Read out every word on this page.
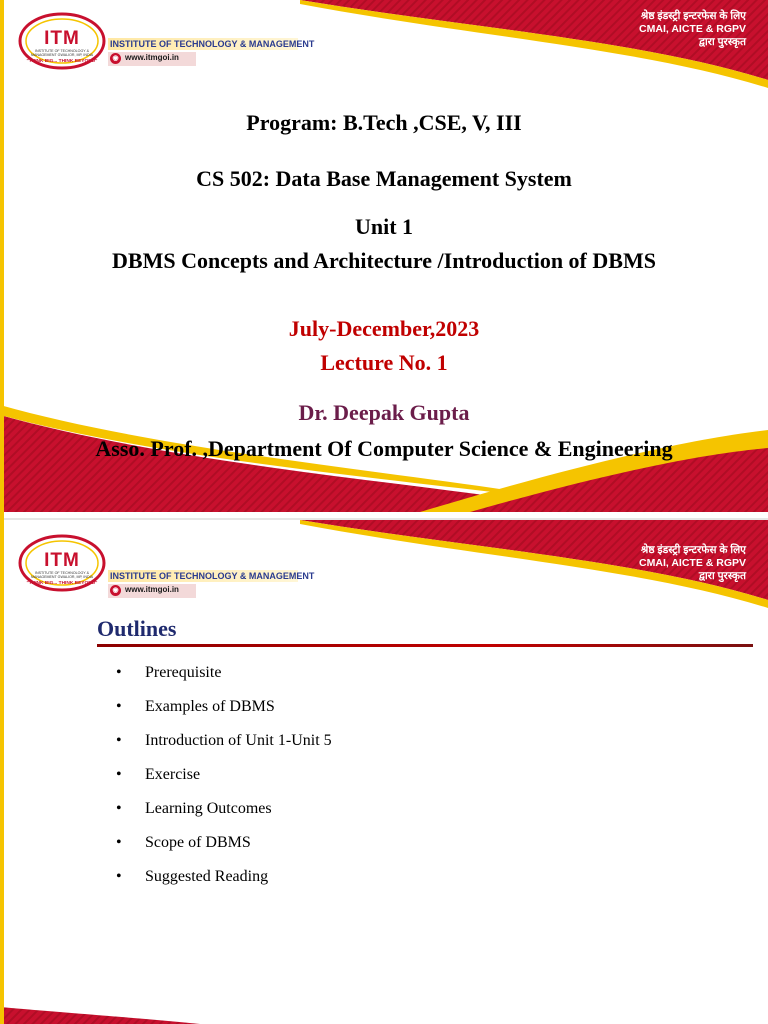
ITM
INSTITUTE OF TECHNOLOGY & MANAGEMENT GWALIOR, MP, INDIA
"THINK BIG... THINK BEYOND"
INSTITUTE OF TECHNOLOGY & MANAGEMENT
◉ www.itmgoi.in
श्रेष्ठ इंडस्ट्री इन्टरफेस के लिए
CMAI, AICTE & RGPV
द्वारा पुरस्कृत
Program: B.Tech ,CSE, V, III
CS 502: Data Base Management System
Unit 1
DBMS Concepts and Architecture /Introduction of DBMS
July-December,2023
Lecture No. 1
Dr. Deepak Gupta
Asso. Prof. ,Department Of Computer Science & Engineering
ITM
INSTITUTE OF TECHNOLOGY & MANAGEMENT GWALIOR, MP, INDIA
"THINK BIG... THINK BEYOND"
INSTITUTE OF TECHNOLOGY & MANAGEMENT
◉ www.itmgoi.in
श्रेष्ठ इंडस्ट्री इन्टरफेस के लिए
CMAI, AICTE & RGPV
द्वारा पुरस्कृत
Outlines
• Prerequisite
• Examples of DBMS
• Introduction of Unit 1-Unit 5
• Exercise
• Learning Outcomes
• Scope of DBMS
• Suggested Reading
